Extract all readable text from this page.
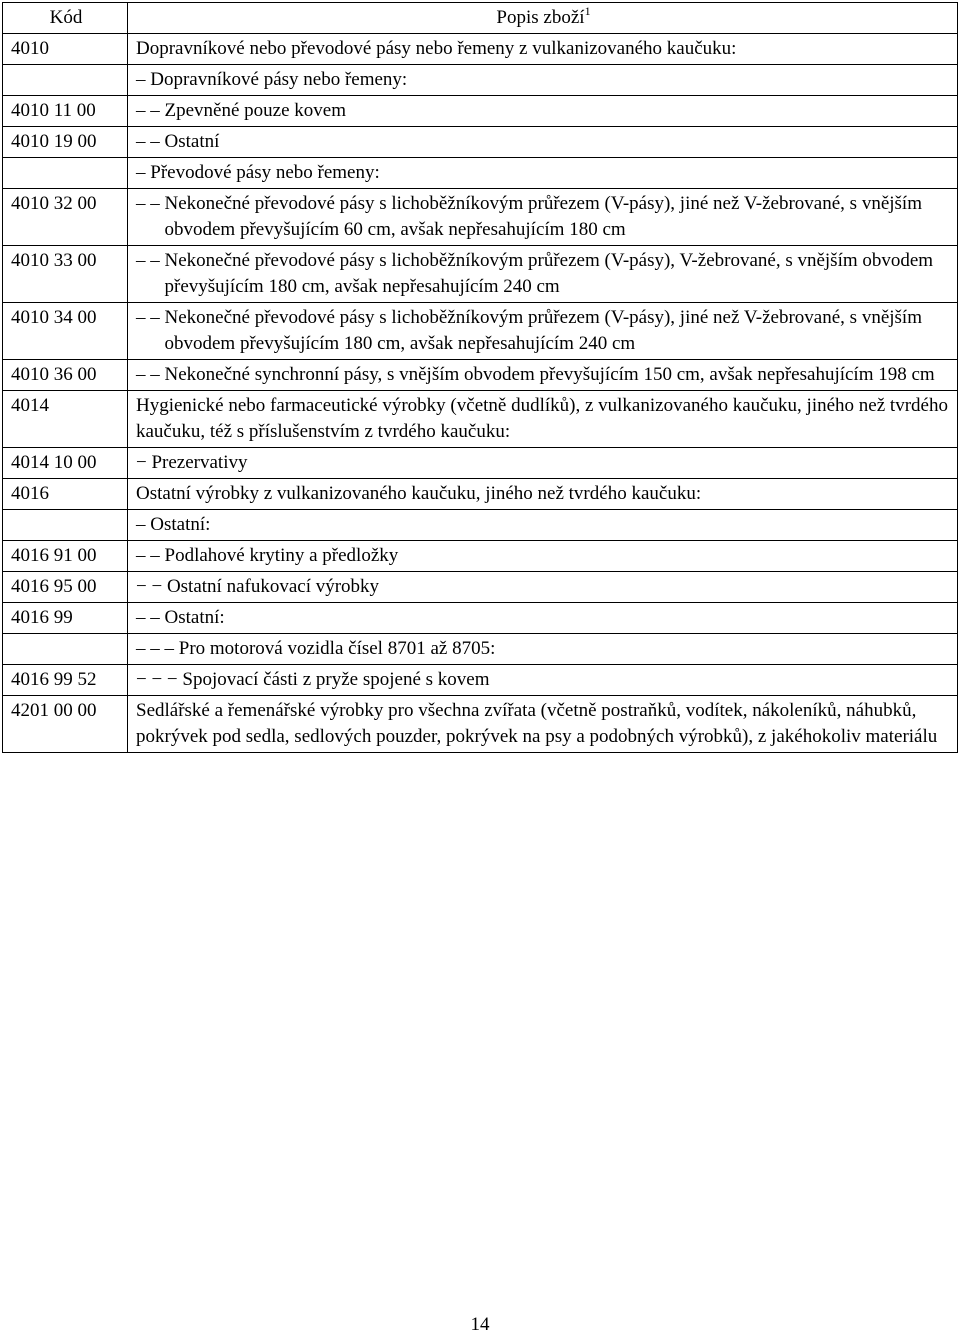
Kód	Popis zboží$^1$
4010	Dopravníkové nebo převodové pásy nebo řemeny z vulkanizovaného kaučuku:

	– Dopravníkové pásy nebo řemeny:

4010 11 00	– – Zpevněné pouze kovem

4010 19 00	– – Ostatní

	– Převodové pásy nebo řemeny:

4010 32 00	– – Nekonečné převodové pásy s lichoběžníkovým průřezem (V-pásy), jiné než V-žebrované, s vnějším obvodem převyšujícím 60 cm, avšak nepřesahujícím 180 cm

4010 33 00	– – Nekonečné převodové pásy s lichoběžníkovým průřezem (V-pásy), V-žebrované, s vnějším obvodem převyšujícím 180 cm, avšak nepřesahujícím 240 cm

4010 34 00	– – Nekonečné převodové pásy s lichoběžníkovým průřezem (V-pásy), jiné než V-žebrované, s vnějším obvodem převyšujícím 180 cm, avšak nepřesahujícím 240 cm

4010 36 00	– – Nekonečné synchronní pásy, s vnějším obvodem převyšujícím 150 cm, avšak nepřesahujícím 198 cm

4014	Hygienické nebo farmaceutické výrobky (včetně dudlíků), z vulkanizovaného kaučuku, jiného než tvrdého kaučuku, též s příslušenstvím z tvrdého kaučuku:

4014 10 00	− Prezervativy

4016	Ostatní výrobky z vulkanizovaného kaučuku, jiného než tvrdého kaučuku:

	– Ostatní:

4016 91 00	– – Podlahové krytiny a předložky

4016 95 00	− − Ostatní nafukovací výrobky

4016 99	– – Ostatní:

	– – – Pro motorová vozidla čísel 8701 až 8705:

4016 99 52	− − − Spojovací části z pryže spojené s kovem

4201 00 00	Sedlářské a řemenářské výrobky pro všechna zvířata (včetně postraňků, vodítek, nákoleníků, náhubků, pokrývek pod sedla, sedlových pouzder, pokrývek na psy a podobných výrobků), z jakéhokoliv materiálu
14
